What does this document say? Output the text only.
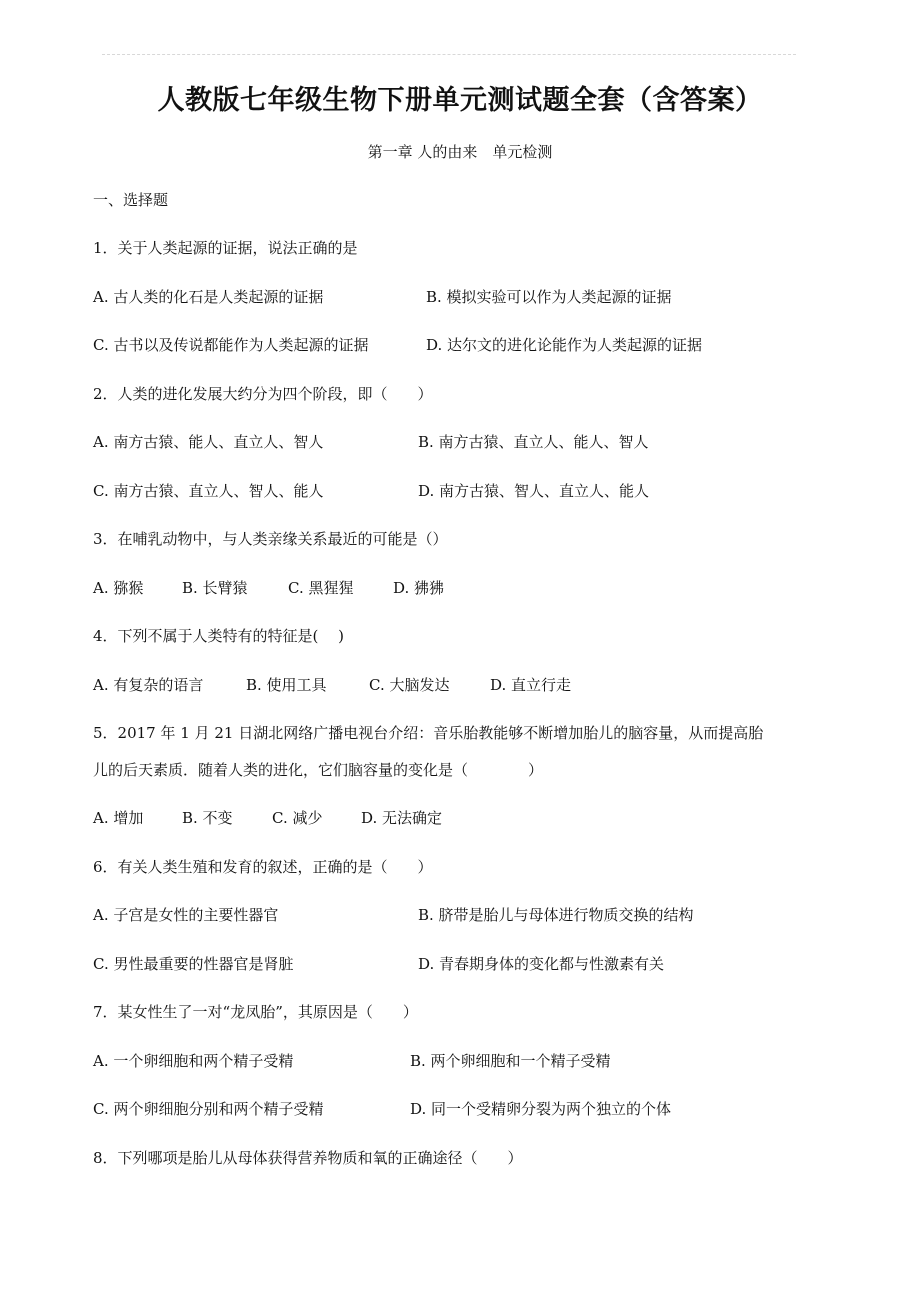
人教版七年级生物下册单元测试题全套（含答案）
第一章 人的由来　单元检测
一、选择题
1．关于人类起源的证据，说法正确的是
A. 古人类的化石是人类起源的证据	B. 模拟实验可以作为人类起源的证据
C. 古书以及传说都能作为人类起源的证据	D. 达尔文的进化论能作为人类起源的证据
2．人类的进化发展大约分为四个阶段，即（　　）
A. 南方古猿、能人、直立人、智人	B. 南方古猿、直立人、能人、智人
C. 南方古猿、直立人、智人、能人	D. 南方古猿、智人、直立人、能人
3．在哺乳动物中，与人类亲缘关系最近的可能是（）
A. 猕猴	B. 长臂猿	C. 黑猩猩	D. 狒狒
4．下列不属于人类特有的特征是(　 )
A. 有复杂的语言	B. 使用工具	C. 大脑发达	D. 直立行走
5．2017 年 1 月 21 日湖北网络广播电视台介绍：音乐胎教能够不断增加胎儿的脑容量，从而提高胎
儿的后天素质．随着人类的进化，它们脑容量的变化是（　　　　）
A. 增加	B. 不变	C. 减少	D. 无法确定
6．有关人类生殖和发育的叙述，正确的是（　　）
A. 子宫是女性的主要性器官	B. 脐带是胎儿与母体进行物质交换的结构
C. 男性最重要的性器官是肾脏	D. 青春期身体的变化都与性激素有关
7．某女性生了一对“龙凤胎”，其原因是（　　）
A. 一个卵细胞和两个精子受精	B. 两个卵细胞和一个精子受精
C. 两个卵细胞分别和两个精子受精	D. 同一个受精卵分裂为两个独立的个体
8．下列哪项是胎儿从母体获得营养物质和氧的正确途径（　　）
